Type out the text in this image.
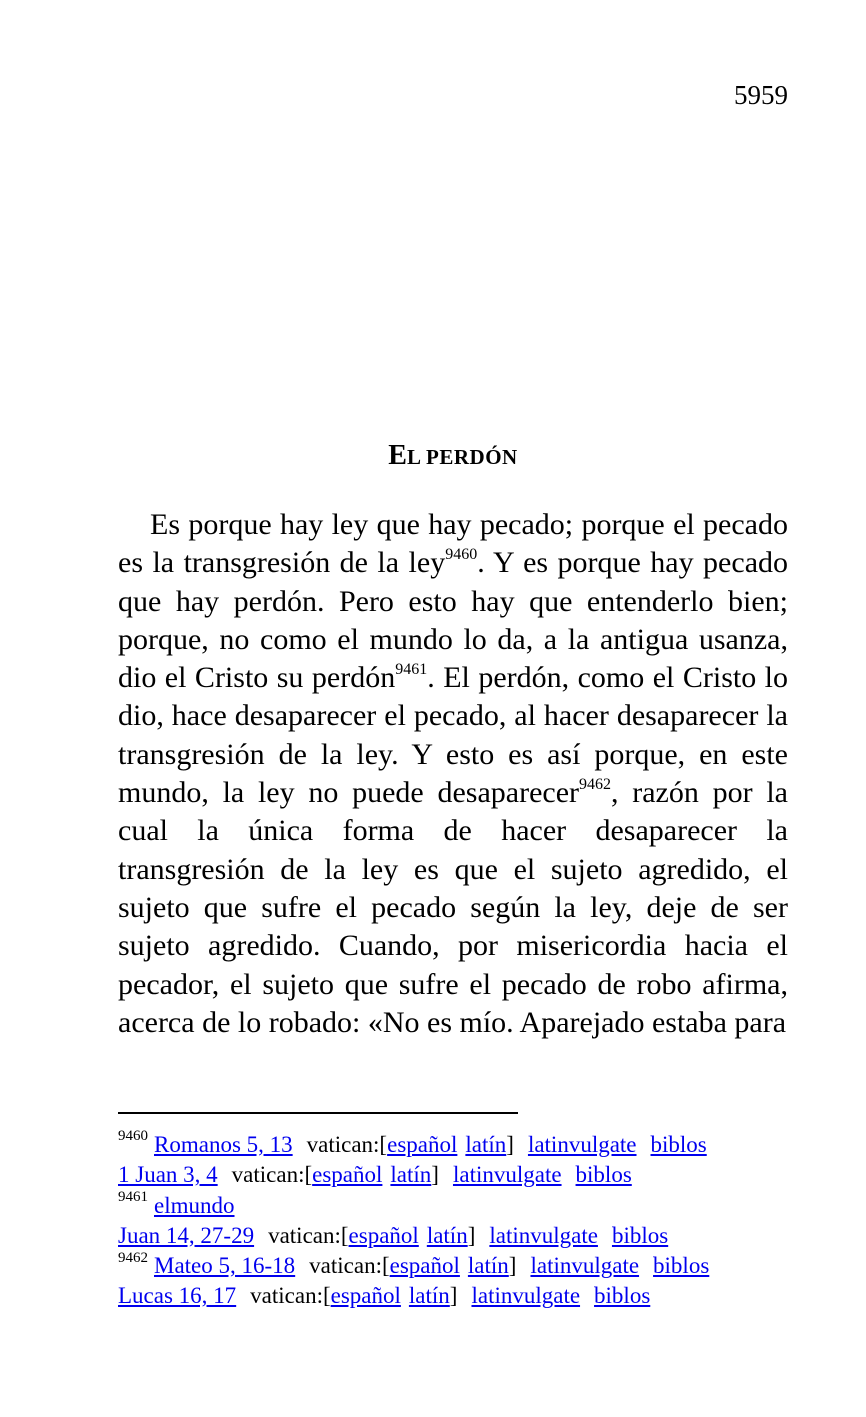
5959
EL PERDÓN

Es porque hay ley que hay pecado; porque el pecado es la transgresión de la ley$^{9460}$. Y es porque hay pecado que hay perdón. Pero esto hay que entenderlo bien; porque, no como el mundo lo da, a la antigua usanza, dio el Cristo su perdón$^{9461}$. El perdón, como el Cristo lo dio, hace desaparecer el pecado, al hacer desaparecer la transgresión de la ley. Y esto es así porque, en este mundo, la ley no puede desaparecer$^{9462}$, razón por la cual la única forma de hacer desaparecer la transgresión de la ley es que el sujeto agredido, el sujeto que sufre el pecado según la ley, deje de ser sujeto agredido. Cuando, por misericordia hacia el pecador, el sujeto que sufre el pecado de robo afirma, acerca de lo robado: «No es mío. Aparejado estaba para

$^{9460}$ Romanos 5, 13 vatican:[español latín] latinvulgate biblos
1 Juan 3, 4 vatican:[español latín] latinvulgate biblos
$^{9461}$ elmundo
Juan 14, 27-29 vatican:[español latín] latinvulgate biblos
$^{9462}$ Mateo 5, 16-18 vatican:[español latín] latinvulgate biblos
Lucas 16, 17 vatican:[español latín] latinvulgate biblos
